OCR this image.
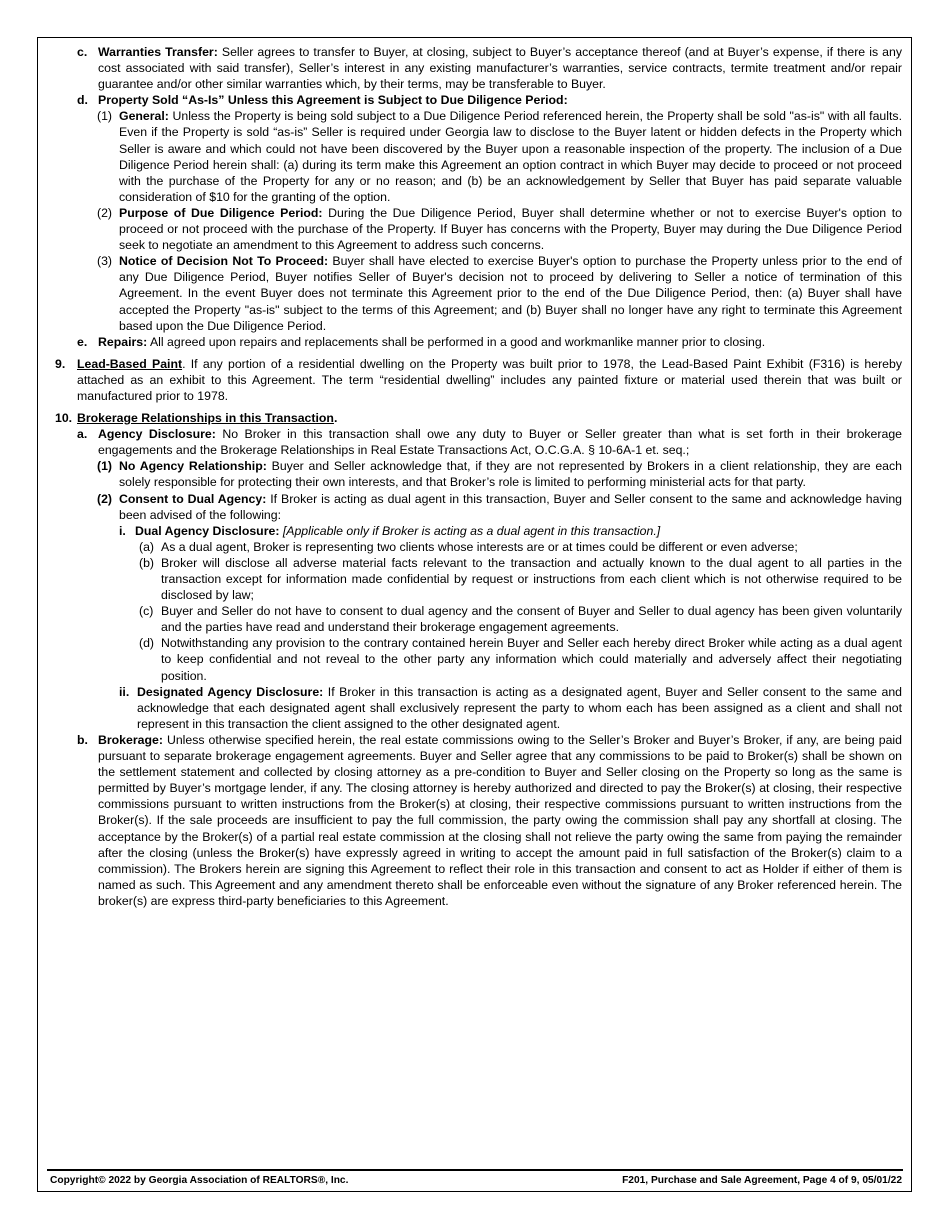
c. Warranties Transfer: Seller agrees to transfer to Buyer, at closing, subject to Buyer’s acceptance thereof (and at Buyer’s expense, if there is any cost associated with said transfer), Seller’s interest in any existing manufacturer’s warranties, service contracts, termite treatment and/or repair guarantee and/or other similar warranties which, by their terms, may be transferable to Buyer.
d. Property Sold “As-Is” Unless this Agreement is Subject to Due Diligence Period:
(1) General: Unless the Property is being sold subject to a Due Diligence Period referenced herein, the Property shall be sold "as-is" with all faults. Even if the Property is sold “as-is” Seller is required under Georgia law to disclose to the Buyer latent or hidden defects in the Property which Seller is aware and which could not have been discovered by the Buyer upon a reasonable inspection of the property. The inclusion of a Due Diligence Period herein shall: (a) during its term make this Agreement an option contract in which Buyer may decide to proceed or not proceed with the purchase of the Property for any or no reason; and (b) be an acknowledgement by Seller that Buyer has paid separate valuable consideration of $10 for the granting of the option.
(2) Purpose of Due Diligence Period: During the Due Diligence Period, Buyer shall determine whether or not to exercise Buyer's option to proceed or not proceed with the purchase of the Property. If Buyer has concerns with the Property, Buyer may during the Due Diligence Period seek to negotiate an amendment to this Agreement to address such concerns.
(3) Notice of Decision Not To Proceed: Buyer shall have elected to exercise Buyer's option to purchase the Property unless prior to the end of any Due Diligence Period, Buyer notifies Seller of Buyer's decision not to proceed by delivering to Seller a notice of termination of this Agreement. In the event Buyer does not terminate this Agreement prior to the end of the Due Diligence Period, then: (a) Buyer shall have accepted the Property "as-is" subject to the terms of this Agreement; and (b) Buyer shall no longer have any right to terminate this Agreement based upon the Due Diligence Period.
e. Repairs: All agreed upon repairs and replacements shall be performed in a good and workmanlike manner prior to closing.
9. Lead-Based Paint. If any portion of a residential dwelling on the Property was built prior to 1978, the Lead-Based Paint Exhibit (F316) is hereby attached as an exhibit to this Agreement. The term “residential dwelling” includes any painted fixture or material used therein that was built or manufactured prior to 1978.
10. Brokerage Relationships in this Transaction.
a. Agency Disclosure: No Broker in this transaction shall owe any duty to Buyer or Seller greater than what is set forth in their brokerage engagements and the Brokerage Relationships in Real Estate Transactions Act, O.C.G.A. § 10-6A-1 et. seq.;
(1) No Agency Relationship: Buyer and Seller acknowledge that, if they are not represented by Brokers in a client relationship, they are each solely responsible for protecting their own interests, and that Broker’s role is limited to performing ministerial acts for that party.
(2) Consent to Dual Agency: If Broker is acting as dual agent in this transaction, Buyer and Seller consent to the same and acknowledge having been advised of the following:
i. Dual Agency Disclosure: [Applicable only if Broker is acting as a dual agent in this transaction.]
(a) As a dual agent, Broker is representing two clients whose interests are or at times could be different or even adverse;
(b) Broker will disclose all adverse material facts relevant to the transaction and actually known to the dual agent to all parties in the transaction except for information made confidential by request or instructions from each client which is not otherwise required to be disclosed by law;
(c) Buyer and Seller do not have to consent to dual agency and the consent of Buyer and Seller to dual agency has been given voluntarily and the parties have read and understand their brokerage engagement agreements.
(d) Notwithstanding any provision to the contrary contained herein Buyer and Seller each hereby direct Broker while acting as a dual agent to keep confidential and not reveal to the other party any information which could materially and adversely affect their negotiating position.
ii. Designated Agency Disclosure: If Broker in this transaction is acting as a designated agent, Buyer and Seller consent to the same and acknowledge that each designated agent shall exclusively represent the party to whom each has been assigned as a client and shall not represent in this transaction the client assigned to the other designated agent.
b. Brokerage: Unless otherwise specified herein, the real estate commissions owing to the Seller’s Broker and Buyer’s Broker, if any, are being paid pursuant to separate brokerage engagement agreements. Buyer and Seller agree that any commissions to be paid to Broker(s) shall be shown on the settlement statement and collected by closing attorney as a pre-condition to Buyer and Seller closing on the Property so long as the same is permitted by Buyer’s mortgage lender, if any. The closing attorney is hereby authorized and directed to pay the Broker(s) at closing, their respective commissions pursuant to written instructions from the Broker(s) at closing, their respective commissions pursuant to written instructions from the Broker(s). If the sale proceeds are insufficient to pay the full commission, the party owing the commission shall pay any shortfall at closing. The acceptance by the Broker(s) of a partial real estate commission at the closing shall not relieve the party owing the same from paying the remainder after the closing (unless the Broker(s) have expressly agreed in writing to accept the amount paid in full satisfaction of the Broker(s) claim to a commission). The Brokers herein are signing this Agreement to reflect their role in this transaction and consent to act as Holder if either of them is named as such. This Agreement and any amendment thereto shall be enforceable even without the signature of any Broker referenced herein. The broker(s) are express third-party beneficiaries to this Agreement.
Copyright© 2022 by Georgia Association of REALTORS®, Inc.	F201, Purchase and Sale Agreement, Page 4 of 9, 05/01/22
